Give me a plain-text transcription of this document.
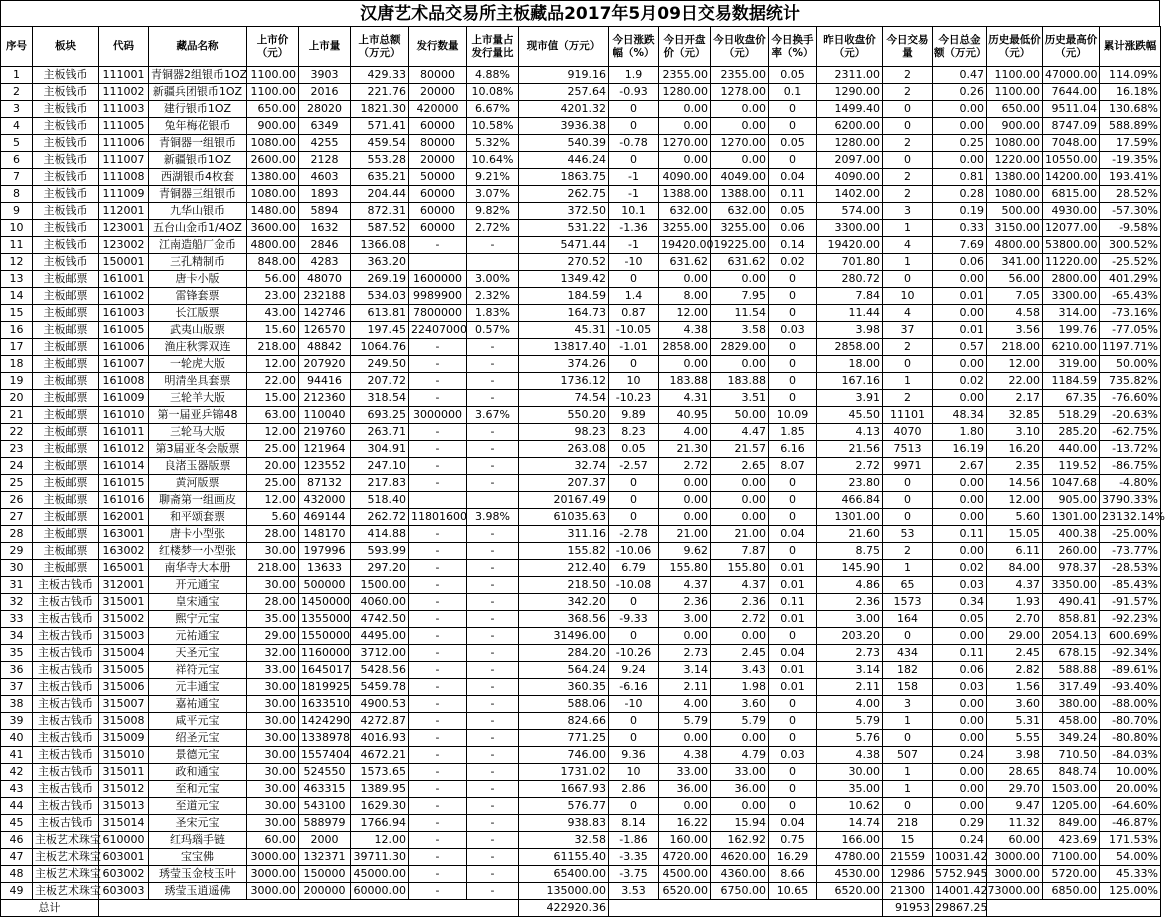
汉唐艺术品交易所主板藏品2017年5月09日交易数据统计
序号	板块	代码	藏品名称	上市价（元）	上市量	上市总额（万元）	发行数量	上市量占发行量比	现市值（万元）	今日涨跌幅（%）	今日开盘价（元）	今日收盘价（元）	今日换手率（%）	昨日收盘价（元）	今日交易量	今日总金额（万元）	历史最低价（元）	历史最高价（元）	累计涨跌幅
1	主板钱币	111001	青铜器2组银币1OZ	1100.00	3903	429.33	80000	4.88%	919.16	1.9	2355.00	2355.00	0.05	2311.00	2	0.47	1100.00	47000.00	114.09%
2	主板钱币	111002	新疆兵团银币1OZ	1100.00	2016	221.76	20000	10.08%	257.64	-0.93	1280.00	1278.00	0.1	1290.00	2	0.26	1100.00	7644.00	16.18%
3	主板钱币	111003	建行银币1OZ	650.00	28020	1821.30	420000	6.67%	4201.32	0	0.00	0.00	0	1499.40	0	0.00	650.00	9511.04	130.68%
4	主板钱币	111005	兔年梅花银币	900.00	6349	571.41	60000	10.58%	3936.38	0	0.00	0.00	0	6200.00	0	0.00	900.00	8747.09	588.89%
5	主板钱币	111006	青铜器一组银币	1080.00	4255	459.54	80000	5.32%	540.39	-0.78	1270.00	1270.00	0.05	1280.00	2	0.25	1080.00	7048.00	17.59%
6	主板钱币	111007	新疆银币1OZ	2600.00	2128	553.28	20000	10.64%	446.24	0	0.00	0.00	0	2097.00	0	0.00	1220.00	10550.00	-19.35%
7	主板钱币	111008	西湖银币4枚套	1380.00	4603	635.21	50000	9.21%	1863.75	-1	4090.00	4049.00	0.04	4090.00	2	0.81	1380.00	14200.00	193.41%
8	主板钱币	111009	青铜器三组银币	1080.00	1893	204.44	60000	3.07%	262.75	-1	1388.00	1388.00	0.11	1402.00	2	0.28	1080.00	6815.00	28.52%
9	主板钱币	112001	九华山银币	1480.00	5894	872.31	60000	9.82%	372.50	10.1	632.00	632.00	0.05	574.00	3	0.19	500.00	4930.00	-57.30%
10	主板钱币	123001	五台山金币1/4OZ	3600.00	1632	587.52	60000	2.72%	531.22	-1.36	3255.00	3255.00	0.06	3300.00	1	0.33	3150.00	12077.00	-9.58%
11	主板钱币	123002	江南造船厂金币	4800.00	2846	1366.08	-	-	5471.44	-1	19420.00	19225.00	0.14	19420.00	4	7.69	4800.00	53800.00	300.52%
12	主板钱币	150001	三孔精制币	848.00	4283	363.20			270.52	-10	631.62	631.62	0.02	701.80	1	0.06	341.00	11220.00	-25.52%
13	主板邮票	161001	唐卡小版	56.00	48070	269.19	1600000	3.00%	1349.42	0	0.00	0.00	0	280.72	0	0.00	56.00	2800.00	401.29%
14	主板邮票	161002	雷锋套票	23.00	232188	534.03	9989900	2.32%	184.59	1.4	8.00	7.95	0	7.84	10	0.01	7.05	3300.00	-65.43%
15	主板邮票	161003	长江版票	43.00	142746	613.81	7800000	1.83%	164.73	0.87	12.00	11.54	0	11.44	4	0.00	4.58	314.00	-73.16%
16	主板邮票	161005	武夷山版票	15.60	126570	197.45	22407000	0.57%	45.31	-10.05	4.38	3.58	0.03	3.98	37	0.01	3.56	199.76	-77.05%
17	主板邮票	161006	渔庄秋霁双连	218.00	48842	1064.76	-	-	13817.40	-1.01	2858.00	2829.00	0	2858.00	2	0.57	218.00	6210.00	1197.71%
18	主板邮票	161007	一轮虎大版	12.00	207920	249.50	-	-	374.26	0	0.00	0.00	0	18.00	0	0.00	12.00	319.00	50.00%
19	主板邮票	161008	明清坐具套票	22.00	94416	207.72	-	-	1736.12	10	183.88	183.88	0	167.16	1	0.02	22.00	1184.59	735.82%
20	主板邮票	161009	三轮羊大版	15.00	212360	318.54	-	-	74.54	-10.23	4.31	3.51	0	3.91	2	0.00	2.17	67.35	-76.60%
21	主板邮票	161010	第一届亚乒锦48	63.00	110040	693.25	3000000	3.67%	550.20	9.89	40.95	50.00	10.09	45.50	11101	48.34	32.85	518.29	-20.63%
22	主板邮票	161011	三轮马大版	12.00	219760	263.71	-	-	98.23	8.23	4.00	4.47	1.85	4.13	4070	1.80	3.10	285.20	-62.75%
23	主板邮票	161012	第3届亚冬会版票	25.00	121964	304.91	-	-	263.08	0.05	21.30	21.57	6.16	21.56	7513	16.19	16.20	440.00	-13.72%
24	主板邮票	161014	良渚玉器版票	20.00	123552	247.10	-	-	32.74	-2.57	2.72	2.65	8.07	2.72	9971	2.67	2.35	119.52	-86.75%
25	主板邮票	161015	黄河版票	25.00	87132	217.83	-	-	207.37	0	0.00	0.00	0	23.80	0	0.00	14.56	1047.68	-4.80%
26	主板邮票	161016	聊斋第一组画皮	12.00	432000	518.40			20167.49	0	0.00	0.00	0	466.84	0	0.00	12.00	905.00	3790.33%
27	主板邮票	162001	和平颂套票	5.60	469144	262.72	11801600	3.98%	61035.63	0	0.00	0.00	0	1301.00	0	0.00	5.60	1301.00	23132.14%
28	主板邮票	163001	唐卡小型张	28.00	148170	414.88	-	-	311.16	-2.78	21.00	21.00	0.04	21.60	53	0.11	15.05	400.38	-25.00%
29	主板邮票	163002	红楼梦一小型张	30.00	197996	593.99	-	-	155.82	-10.06	9.62	7.87	0	8.75	2	0.00	6.11	260.00	-73.77%
30	主板邮票	165001	南华寺大本册	218.00	13633	297.20	-	-	212.40	6.79	155.80	155.80	0.01	145.90	1	0.02	84.00	978.37	-28.53%
31	主板古钱币	312001	开元通宝	30.00	500000	1500.00	-	-	218.50	-10.08	4.37	4.37	0.01	4.86	65	0.03	4.37	3350.00	-85.43%
32	主板古钱币	315001	皇宋通宝	28.00	1450000	4060.00	-	-	342.20	0	2.36	2.36	0.11	2.36	1573	0.34	1.93	490.41	-91.57%
33	主板古钱币	315002	熙宁元宝	35.00	1355000	4742.50	-	-	368.56	-9.33	3.00	2.72	0.01	3.00	164	0.05	2.70	858.81	-92.23%
34	主板古钱币	315003	元祐通宝	29.00	1550000	4495.00	-	-	31496.00	0	0.00	0.00	0	203.20	0	0.00	29.00	2054.13	600.69%
35	主板古钱币	315004	天圣元宝	32.00	1160000	3712.00	-	-	284.20	-10.26	2.73	2.45	0.04	2.73	434	0.11	2.45	678.15	-92.34%
36	主板古钱币	315005	祥符元宝	33.00	1645017	5428.56	-	-	564.24	9.24	3.14	3.43	0.01	3.14	182	0.06	2.82	588.88	-89.61%
37	主板古钱币	315006	元丰通宝	30.00	1819925	5459.78	-	-	360.35	-6.16	2.11	1.98	0.01	2.11	158	0.03	1.56	317.49	-93.40%
38	主板古钱币	315007	嘉祐通宝	30.00	1633510	4900.53	-	-	588.06	-10	4.00	3.60	0	4.00	3	0.00	3.60	380.00	-88.00%
39	主板古钱币	315008	咸平元宝	30.00	1424290	4272.87	-	-	824.66	0	5.79	5.79	0	5.79	1	0.00	5.31	458.00	-80.70%
40	主板古钱币	315009	绍圣元宝	30.00	1338978	4016.93	-	-	771.25	0	0.00	0.00	0	5.76	0	0.00	5.55	349.24	-80.80%
41	主板古钱币	315010	景德元宝	30.00	1557404	4672.21	-	-	746.00	9.36	4.38	4.79	0.03	4.38	507	0.24	3.98	710.50	-84.03%
42	主板古钱币	315011	政和通宝	30.00	524550	1573.65	-	-	1731.02	10	33.00	33.00	0	30.00	1	0.00	28.65	848.74	10.00%
43	主板古钱币	315012	至和元宝	30.00	463315	1389.95	-	-	1667.93	2.86	36.00	36.00	0	35.00	1	0.00	29.70	1503.00	20.00%
44	主板古钱币	315013	至道元宝	30.00	543100	1629.30	-	-	576.77	0	0.00	0.00	0	10.62	0	0.00	9.47	1205.00	-64.60%
45	主板古钱币	315014	圣宋元宝	30.00	588979	1766.94	-	-	938.83	8.14	16.22	15.94	0.04	14.74	218	0.29	11.32	849.00	-46.87%
46	主板艺术珠宝	610000	红玛瑙手链	60.00	2000	12.00	-	-	32.58	-1.86	160.00	162.92	0.75	166.00	15	0.24	60.00	423.69	171.53%
47	主板艺术珠宝	603001	宝宝佛	3000.00	132371	39711.30	-	-	61155.40	-3.35	4720.00	4620.00	16.29	4780.00	21559	10031.42	3000.00	7100.00	54.00%
48	主板艺术珠宝	603002	琇莹玉金枝玉叶	3000.00	150000	45000.00	-	-	65400.00	-3.75	4500.00	4360.00	8.66	4530.00	12986	5752.945	3000.00	5720.00	45.33%
49	主板艺术珠宝	603003	琇莹玉逍遥佛	3000.00	200000	60000.00	-	-	135000.00	3.53	6520.00	6750.00	10.65	6520.00	21300	14001.427	3000.00	6850.00	125.00%
总计									422920.36						91953	29867.25			
